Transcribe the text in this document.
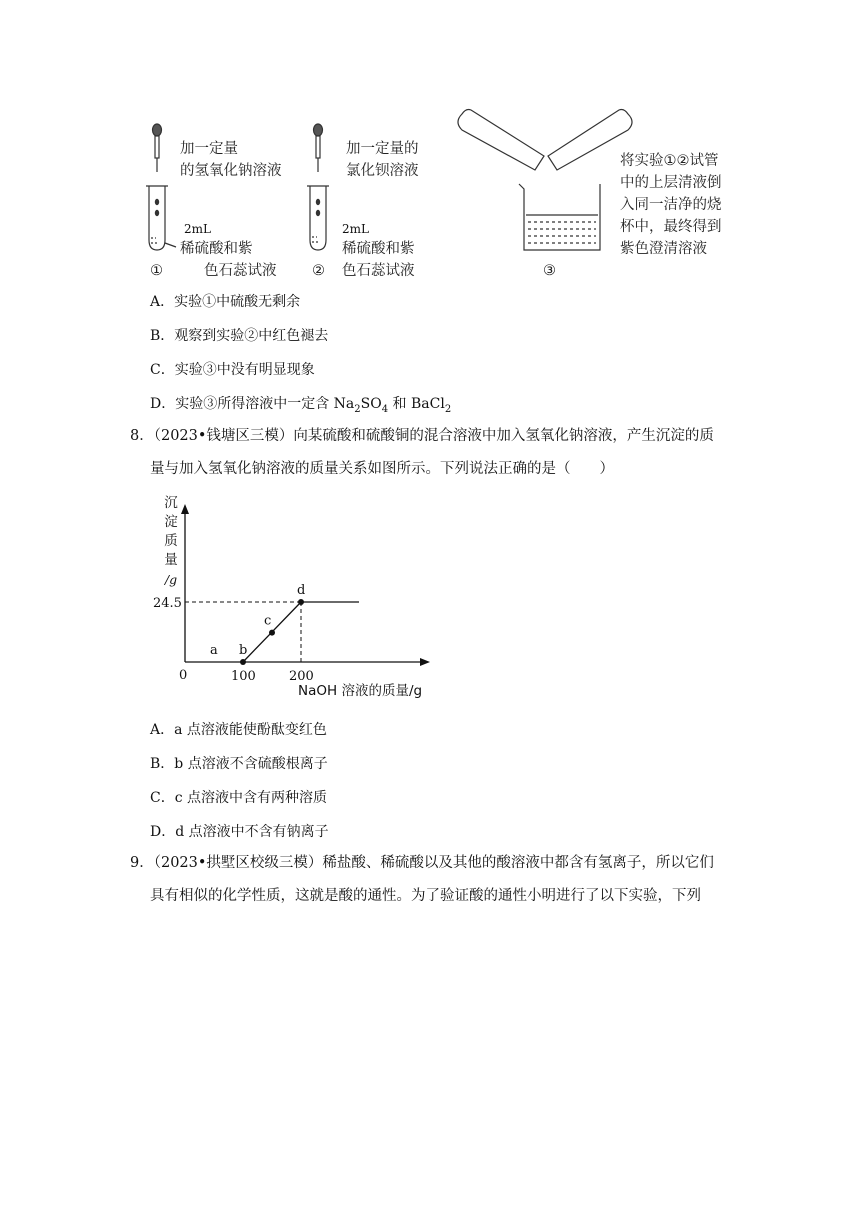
加一定量
的氢氧化钠溶液
2mL
稀硫酸和紫
色石蕊试液
①
加一定量的
氯化钡溶液
2mL
稀硫酸和紫
色石蕊试液
②
将实验①②试管
中的上层清液倒
入同一洁净的烧
杯中，最终得到
紫色澄清溶液
③
A．实验①中硫酸无剩余
B．观察到实验②中红色褪去
C．实验③中没有明显现象
D．实验③所得溶液中一定含 $Na_2SO_4$ 和 BaCl$_2$
8．（2023•钱塘区三模）向某硫酸和硫酸铜的混合溶液中加入氢氧化钠溶液，产生沉淀的质
量与加入氢氧化钠溶液的质量关系如图所示。下列说法正确的是（　　）
沉
淀
质
量
/g
a b
c
d
0	100	200
24.5
NaOH 溶液的质量/g
A．a 点溶液能使酚酞变红色
B．b 点溶液不含硫酸根离子
C．c 点溶液中含有两种溶质
D．d 点溶液中不含有钠离子
9．（2023•拱墅区校级三模）稀盐酸、稀硫酸以及其他的酸溶液中都含有氢离子，所以它们
具有相似的化学性质，这就是酸的通性。为了验证酸的通性小明进行了以下实验，下列
